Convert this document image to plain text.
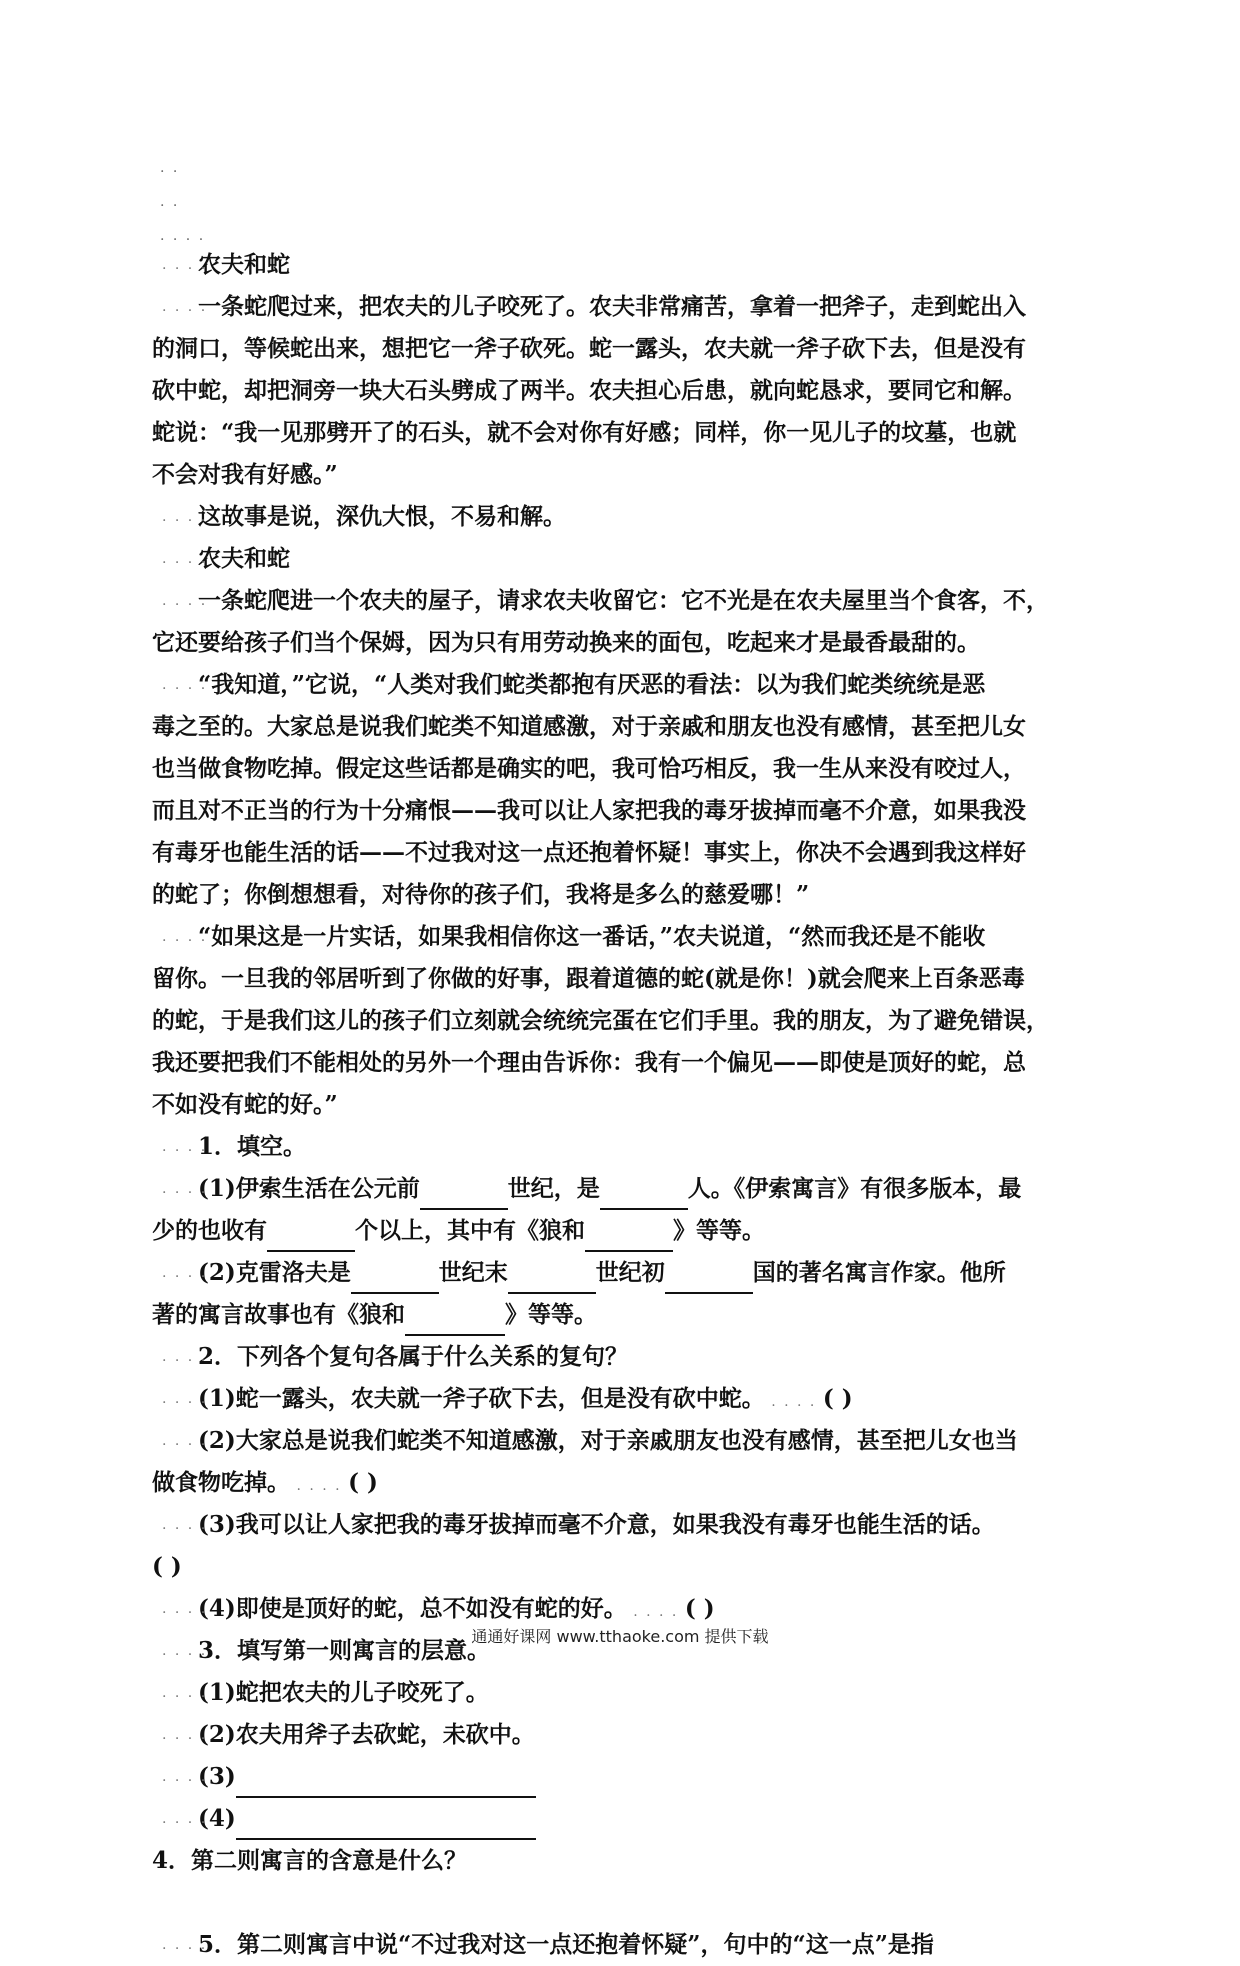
. .
. .
. . . .
. . . .
农夫和蛇
. . . .
一条蛇爬过来，把农夫的儿子咬死了。农夫非常痛苦，拿着一把斧子，走到蛇出入
的洞口，等候蛇出来，想把它一斧子砍死。蛇一露头，农夫就一斧子砍下去，但是没有
砍中蛇，却把洞旁一块大石头劈成了两半。农夫担心后患，就向蛇恳求，要同它和解。
蛇说：“我一见那劈开了的石头，就不会对你有好感；同样，你一见儿子的坟墓，也就
不会对我有好感。”
. . . .
这故事是说，深仇大恨，不易和解。
. . . .
农夫和蛇
. . . .
一条蛇爬进一个农夫的屋子，请求农夫收留它：它不光是在农夫屋里当个食客，不，
它还要给孩子们当个保姆，因为只有用劳动换来的面包，吃起来才是最香最甜的。
. . . .
“我知道，”它说，“人类对我们蛇类都抱有厌恶的看法：以为我们蛇类统统是恶
毒之至的。大家总是说我们蛇类不知道感激，对于亲戚和朋友也没有感情，甚至把儿女
也当做食物吃掉。假定这些话都是确实的吧，我可恰巧相反，我一生从来没有咬过人，
而且对不正当的行为十分痛恨——我可以让人家把我的毒牙拔掉而毫不介意，如果我没
有毒牙也能生活的话——不过我对这一点还抱着怀疑！事实上，你决不会遇到我这样好
的蛇了；你倒想想看，对待你的孩子们，我将是多么的慈爱哪！”
. . . .
“如果这是一片实话，如果我相信你这一番话，”农夫说道，“然而我还是不能收
留你。一旦我的邻居听到了你做的好事，跟着道德的蛇(就是你！)就会爬来上百条恶毒
的蛇，于是我们这儿的孩子们立刻就会统统完蛋在它们手里。我的朋友，为了避免错误，
我还要把我们不能相处的另外一个理由告诉你：我有一个偏见——即使是顶好的蛇，总
不如没有蛇的好。”
. . . .
1．填空。
. . . .
(1)伊索生活在公元前	世纪，是	人。《伊索寓言》有很多版本，最
少的也收有	个以上，其中有《狼和	》等等。
. . . .
(2)克雷洛夫是	世纪末	世纪初	国的著名寓言作家。他所
著的寓言故事也有《狼和	》等等。
. . . .
2．下列各个复句各属于什么关系的复句？
. . . .
(1)蛇一露头，农夫就一斧子砍下去，但是没有砍中蛇。 . . . . ( )
. . . .
(2)大家总是说我们蛇类不知道感激，对于亲戚朋友也没有感情，甚至把儿女也当
做食物吃掉。 . . . . ( )
. . . .
(3)我可以让人家把我的毒牙拔掉而毫不介意，如果我没有毒牙也能生活的话。
( )
. . . .
(4)即使是顶好的蛇，总不如没有蛇的好。 . . . . ( )
. . . .
3．填写第一则寓言的层意。
. . . .
(1)蛇把农夫的儿子咬死了。
. . . .
(2)农夫用斧子去砍蛇，未砍中。
. . . .
(3)
. . . .
(4)
4．第二则寓言的含意是什么？
. . . .
5．第二则寓言中说“不过我对这一点还抱着怀疑”，句中的“这一点”是指
通通好课网 www.tthaoke.com 提供下载
